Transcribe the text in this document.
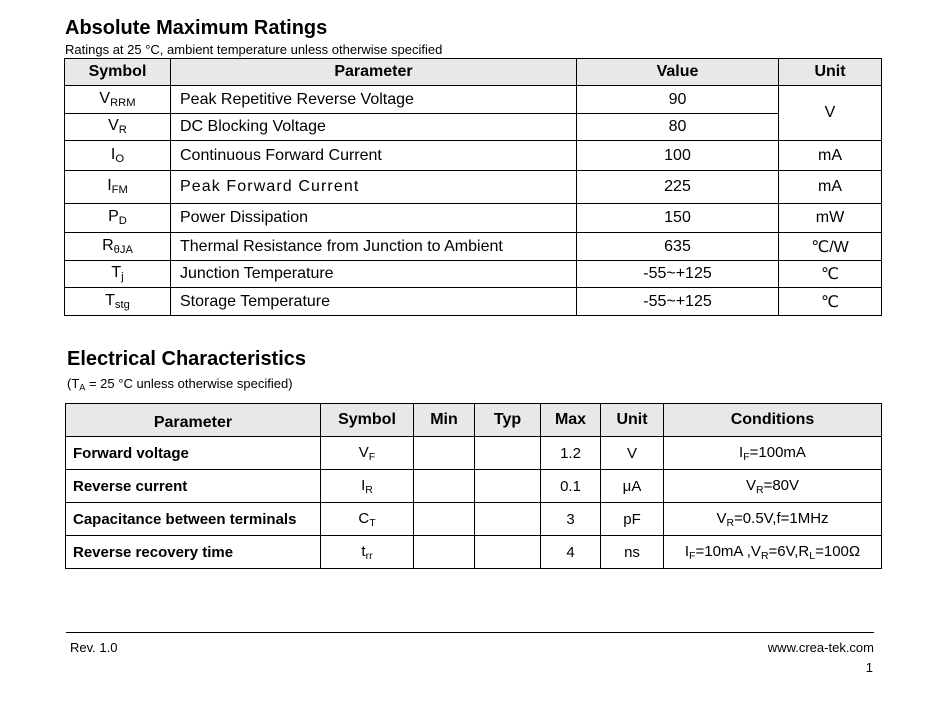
Absolute Maximum Ratings
Ratings at 25 °C, ambient temperature unless otherwise specified
Symbol	Parameter	Value	Unit
$V_{RRM}$	Peak Repetitive Reverse Voltage	90	V
$V_R$	DC Blocking Voltage	80	
$I_O$	Continuous Forward Current	100	mA
$I_{FM}$	Peak Forward Current	225	mA
$P_D$	Power Dissipation	150	mW
$R_{\theta JA}$	Thermal Resistance from Junction to Ambient	635	℃/W
$T_j$	Junction Temperature	-55~+125	℃
$T_{stg}$	Storage Temperature	-55~+125	℃
Electrical Characteristics
($T_A = 25$ °C unless otherwise specified)
Parameter	Symbol	Min	Typ	Max	Unit	Conditions
Forward voltage	$V_F$			1.2	V	$I_F=100mA$
Reverse current	$I_R$			0.1	μA	$V_R=80V$
Capacitance between terminals	$C_T$			3	pF	$V_R=0.5V,f=1MHz$
Reverse recovery time	$t_{rr}$			4	ns	$I_F=10mA$ $,V_R=6V,R_L=100\Omega$
Rev. 1.0	www.crea-tek.com
1
